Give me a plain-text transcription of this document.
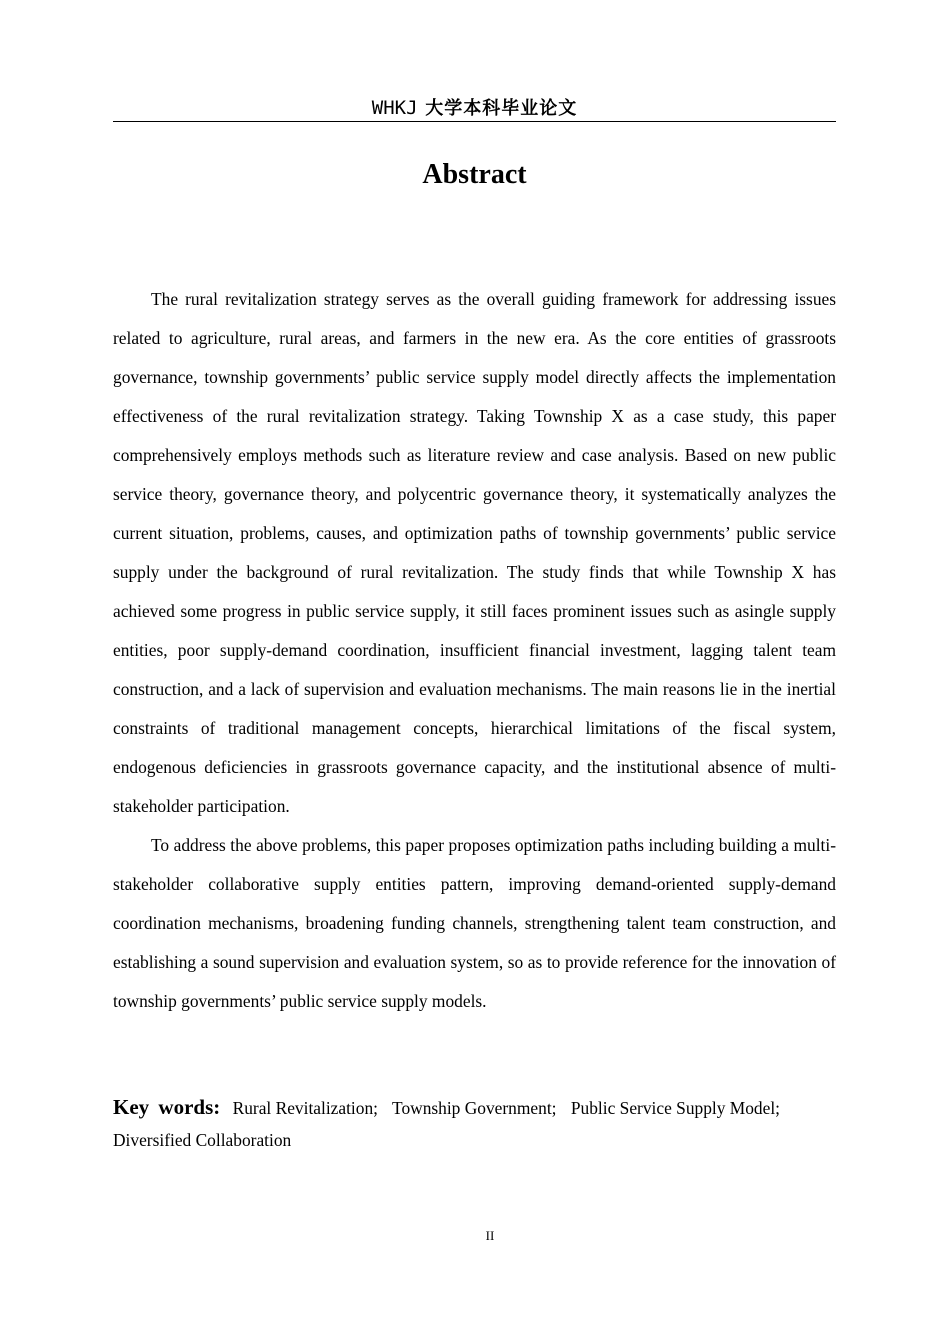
WHKJ 大学本科毕业论文
Abstract

The rural revitalization strategy serves as the overall guiding framework for addressing issues related to agriculture, rural areas, and farmers in the new era. As the core entities of grassroots governance, township governments’ public service supply model directly affects the implementation effectiveness of the rural revitalization strategy. Taking Township X as a case study, this paper comprehensively employs methods such as literature review and case analysis. Based on new public service theory, governance theory, and polycentric governance theory, it systematically analyzes the current situation, problems, causes, and optimization paths of township governments’ public service supply under the background of rural revitalization. The study finds that while Township X has achieved some progress in public service supply, it still faces prominent issues such as asingle supply entities, poor supply-demand coordination, insufficient financial investment, lagging talent team construction, and a lack of supervision and evaluation mechanisms. The main reasons lie in the inertial constraints of traditional management concepts, hierarchical limitations of the fiscal system, endogenous deficiencies in grassroots governance capacity, and the institutional absence of multi-stakeholder participation.

To address the above problems, this paper proposes optimization paths including building a multi-stakeholder collaborative supply entities pattern, improving demand-oriented supply-demand coordination mechanisms, broadening funding channels, strengthening talent team construction, and establishing a sound supervision and evaluation system, so as to provide reference for the innovation of township governments’ public service supply models.

Key words: Rural Revitalization; Township Government; Public Service Supply Model; Diversified Collaboration
II
